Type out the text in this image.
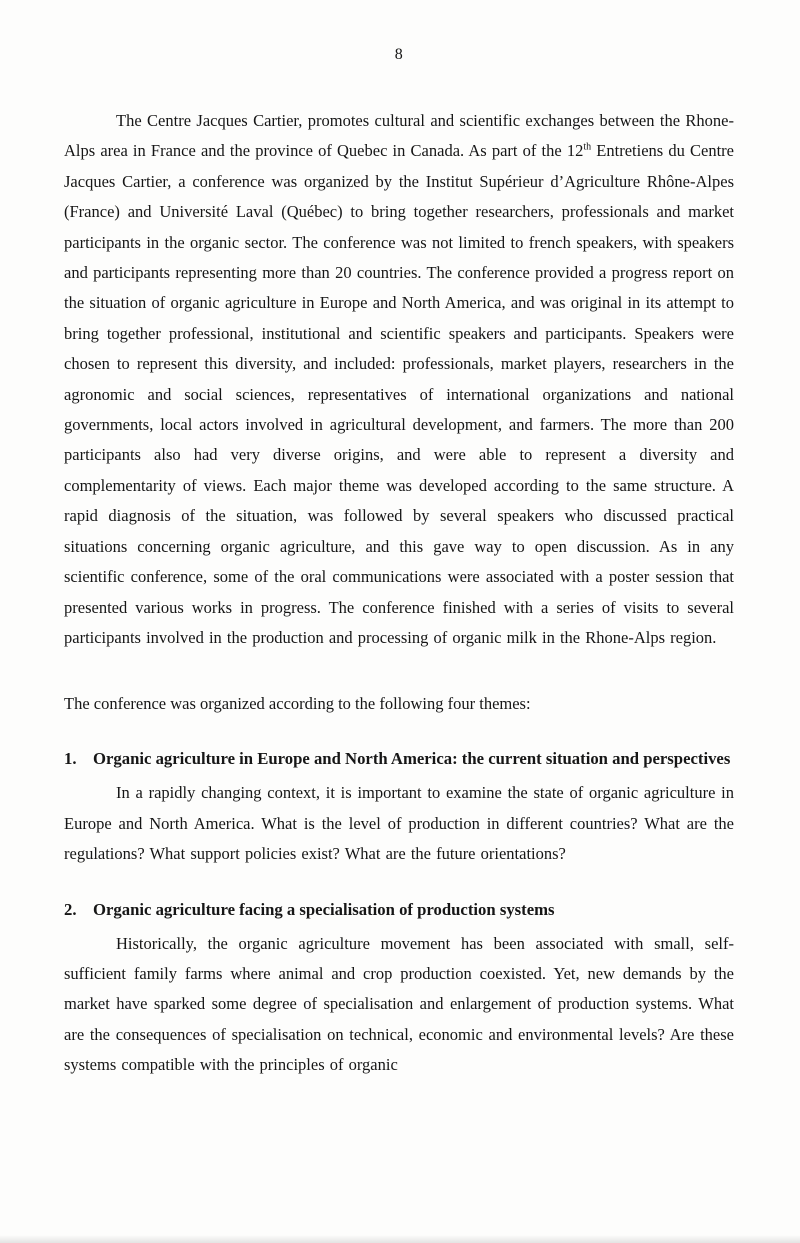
8

The Centre Jacques Cartier, promotes cultural and scientific exchanges between the Rhone-Alps area in France and the province of Quebec in Canada. As part of the 12th Entretiens du Centre Jacques Cartier, a conference was organized by the Institut Supérieur d’Agriculture Rhône-Alpes (France) and Université Laval (Québec) to bring together researchers, professionals and market participants in the organic sector. The conference was not limited to french speakers, with speakers and participants representing more than 20 countries. The conference provided a progress report on the situation of organic agriculture in Europe and North America, and was original in its attempt to bring together professional, institutional and scientific speakers and participants. Speakers were chosen to represent this diversity, and included: professionals, market players, researchers in the agronomic and social sciences, representatives of international organizations and national governments, local actors involved in agricultural development, and farmers. The more than 200 participants also had very diverse origins, and were able to represent a diversity and complementarity of views. Each major theme was developed according to the same structure. A rapid diagnosis of the situation, was followed by several speakers who discussed practical situations concerning organic agriculture, and this gave way to open discussion. As in any scientific conference, some of the oral communications were associated with a poster session that presented various works in progress. The conference finished with a series of visits to several participants involved in the production and processing of organic milk in the Rhone-Alps region.

The conference was organized according to the following four themes:

1. Organic agriculture in Europe and North America: the current situation and perspectives

In a rapidly changing context, it is important to examine the state of organic agriculture in Europe and North America. What is the level of production in different countries? What are the regulations? What support policies exist? What are the future orientations?

2. Organic agriculture facing a specialisation of production systems

Historically, the organic agriculture movement has been associated with small, self-sufficient family farms where animal and crop production coexisted. Yet, new demands by the market have sparked some degree of specialisation and enlargement of production systems. What are the consequences of specialisation on technical, economic and environmental levels? Are these systems compatible with the principles of organic
